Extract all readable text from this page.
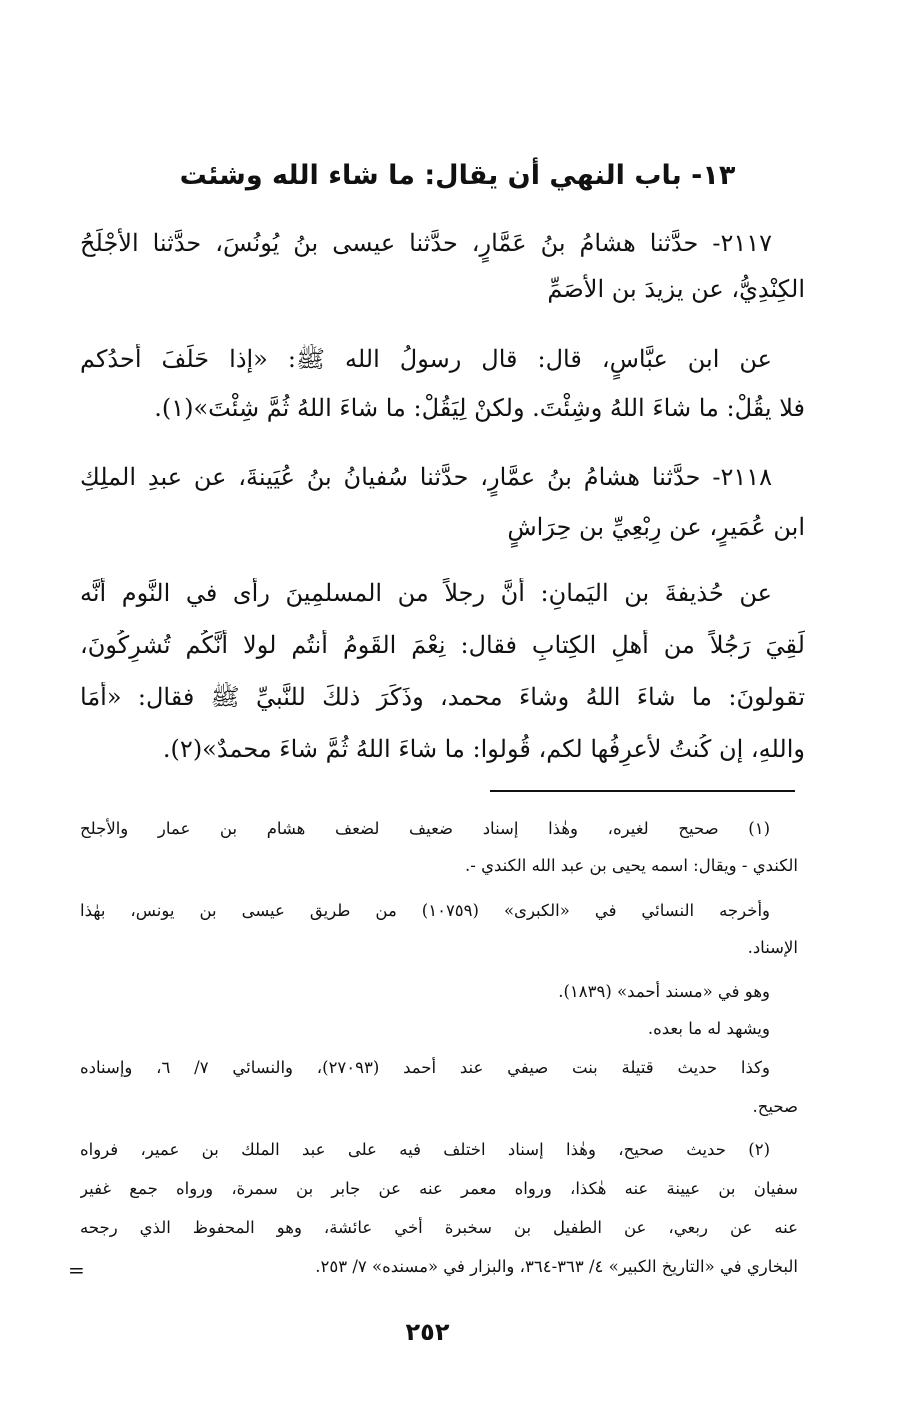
١٣- باب النهي أن يقال: ما شاء الله وشئت
٢١١٧- حدَّثنا هشامُ بنُ عَمَّارٍ، حدَّثنا عيسى بنُ يُونُسَ، حدَّثنا الأجْلَحُ
الكِنْدِيُّ، عن يزيدَ بن الأصَمِّ
عن ابن عبَّاسٍ، قال: قال رسولُ الله ﷺ: «إذا حَلَفَ أحدُكم
فلا يقُلْ: ما شاءَ اللهُ وشِئْتَ. ولكنْ لِيَقُلْ: ما شاءَ اللهُ ثُمَّ شِئْتَ»(١).
٢١١٨- حدَّثنا هشامُ بنُ عمَّارٍ، حدَّثنا سُفيانُ بنُ عُيَينةَ، عن عبدِ الملِكِ
ابن عُمَيرٍ، عن رِبْعِيِّ بن حِرَاشٍ
عن حُذيفةَ بن اليَمانِ: أنَّ رجلاً من المسلمِينَ رأى في النَّوم أنَّه
لَقِيَ رَجُلاً من أهلِ الكِتابِ فقال: نِعْمَ القَومُ أنتُم لولا أنَّكُم تُشرِكُونَ،
تقولونَ: ما شاءَ اللهُ وشاءَ محمد، وذَكَرَ ذلكَ للنَّبيِّ ﷺ فقال: «أمَا
واللهِ، إن كُنتُ لأعرِفُها لكم، قُولوا: ما شاءَ اللهُ ثُمَّ شاءَ محمدٌ»(٢).
(١) صحيح لغيره، وهٰذا إسناد ضعيف لضعف هشام بن عمار والأجلح
الكندي - ويقال: اسمه يحيى بن عبد الله الكندي -.
وأخرجه النسائي في «الكبرى» (١٠٧٥٩) من طريق عيسى بن يونس، بهٰذا
الإسناد.
وهو في «مسند أحمد» (١٨٣٩).
ويشهد له ما بعده.
وكذا حديث قتيلة بنت صيفي عند أحمد (٢٧٠٩٣)، والنسائي ٧/ ٦، وإسناده
صحيح.
(٢) حديث صحيح، وهٰذا إسناد اختلف فيه على عبد الملك بن عمير، فرواه
سفيان بن عيينة عنه هٰكذا، ورواه معمر عنه عن جابر بن سمرة، ورواه جمع غفير
عنه عن ربعي، عن الطفيل بن سخبرة أخي عائشة، وهو المحفوظ الذي رجحه
البخاري في «التاريخ الكبير» ٤/ ٣٦٣-٣٦٤، والبزار في «مسنده» ٧/ ٢٥٣.
=
٢٥٢
